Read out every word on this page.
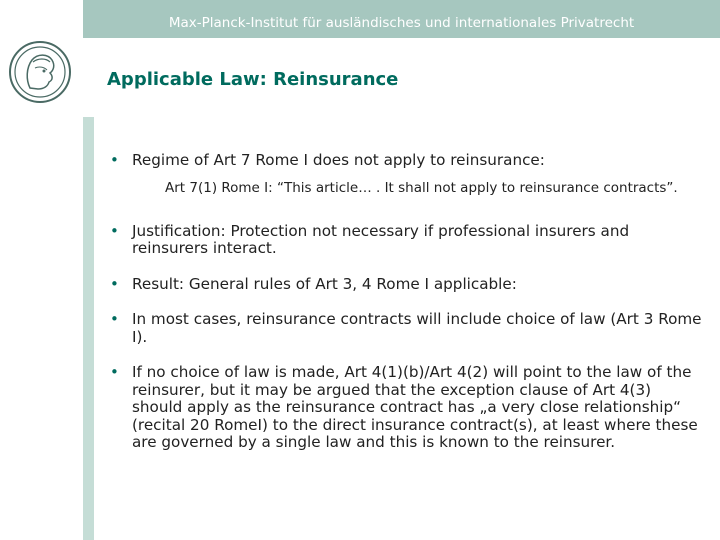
Max-Planck-Institut für ausländisches und internationales Privatrecht
Applicable Law: Reinsurance
• Regime of Art 7 Rome I does not apply to reinsurance:
Art 7(1) Rome I: “This article… . It shall not apply to reinsurance contracts”.
• Justification: Protection not necessary if professional insurers and reinsurers interact.
• Result: General rules of Art 3, 4 Rome I applicable:
• In most cases, reinsurance contracts will include choice of law (Art 3 Rome I).
• If no choice of law is made, Art 4(1)(b)/Art 4(2) will point to the law of the reinsurer, but it may be argued that the exception clause of Art 4(3) should apply as the reinsurance contract has „a very close relationship“ (recital 20 RomeI) to the direct insurance contract(s), at least where these are governed by a single law and this is known to the reinsurer.
